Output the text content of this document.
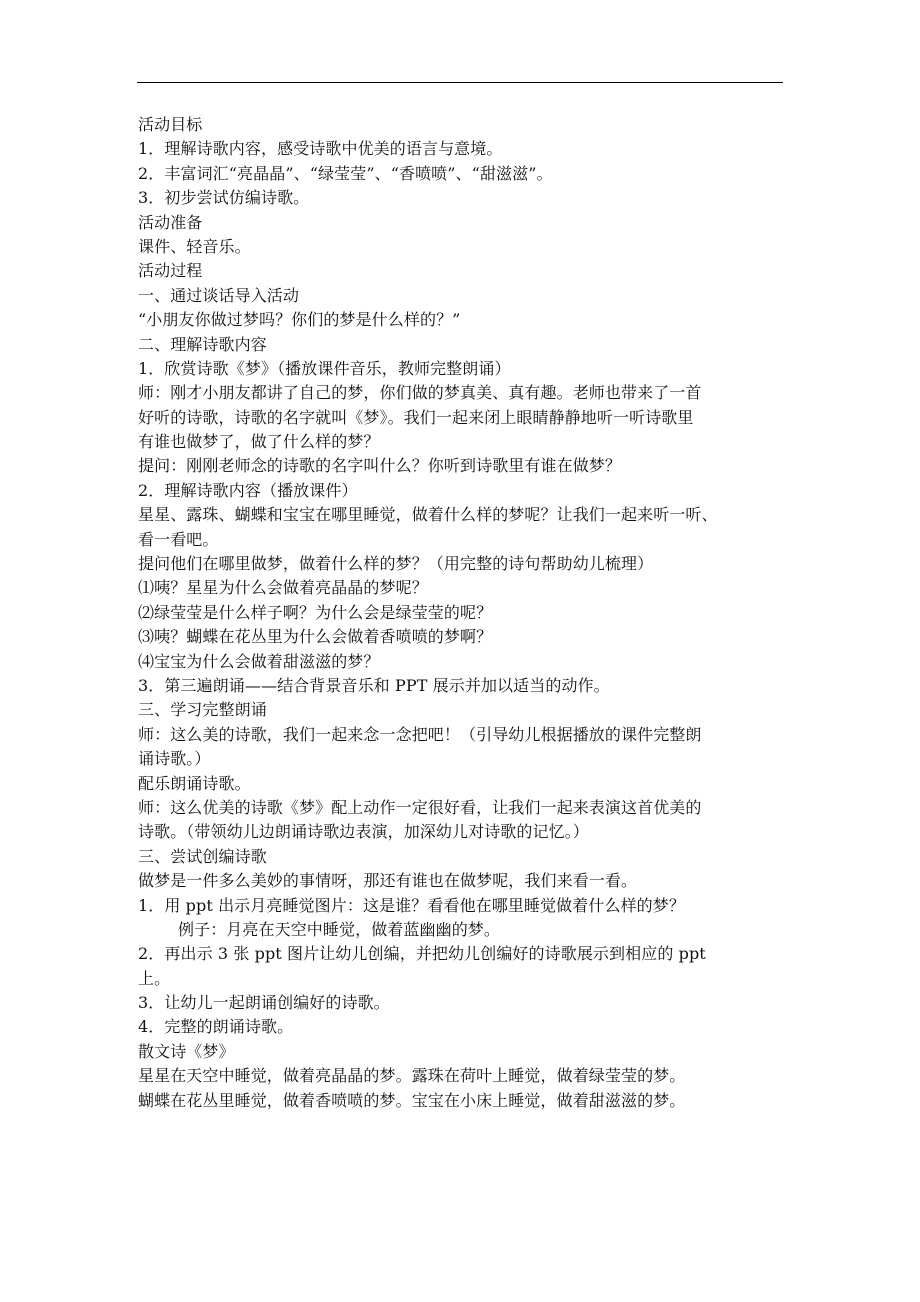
活动目标
1．理解诗歌内容，感受诗歌中优美的语言与意境。
2．丰富词汇“亮晶晶”、“绿莹莹”、“香喷喷”、“甜滋滋”。
3．初步尝试仿编诗歌。
活动准备
课件、轻音乐。
活动过程
一、通过谈话导入活动
“小朋友你做过梦吗？你们的梦是什么样的？”
二、理解诗歌内容
1．欣赏诗歌《梦》（播放课件音乐，教师完整朗诵）
师：刚才小朋友都讲了自己的梦，你们做的梦真美、真有趣。老师也带来了一首
好听的诗歌，诗歌的名字就叫《梦》。我们一起来闭上眼睛静静地听一听诗歌里
有谁也做梦了，做了什么样的梦？
提问：刚刚老师念的诗歌的名字叫什么？你听到诗歌里有谁在做梦？
2．理解诗歌内容（播放课件）
星星、露珠、蝴蝶和宝宝在哪里睡觉，做着什么样的梦呢？让我们一起来听一听、
看一看吧。
提问他们在哪里做梦，做着什么样的梦？（用完整的诗句帮助幼儿梳理）
⑴咦？星星为什么会做着亮晶晶的梦呢？
⑵绿莹莹是什么样子啊？为什么会是绿莹莹的呢？
⑶咦？蝴蝶在花丛里为什么会做着香喷喷的梦啊？
⑷宝宝为什么会做着甜滋滋的梦？
3．第三遍朗诵——结合背景音乐和 PPT 展示并加以适当的动作。
三、学习完整朗诵
师：这么美的诗歌，我们一起来念一念把吧！（引导幼儿根据播放的课件完整朗
诵诗歌。）
配乐朗诵诗歌。
师：这么优美的诗歌《梦》配上动作一定很好看，让我们一起来表演这首优美的
诗歌。（带领幼儿边朗诵诗歌边表演，加深幼儿对诗歌的记忆。）
三、尝试创编诗歌
做梦是一件多么美妙的事情呀，那还有谁也在做梦呢，我们来看一看。
1．用 ppt 出示月亮睡觉图片：这是谁？看看他在哪里睡觉做着什么样的梦？
例子：月亮在天空中睡觉，做着蓝幽幽的梦。
2．再出示 3 张 ppt 图片让幼儿创编，并把幼儿创编好的诗歌展示到相应的 ppt
上。
3．让幼儿一起朗诵创编好的诗歌。
4．完整的朗诵诗歌。
散文诗《梦》
星星在天空中睡觉，做着亮晶晶的梦。露珠在荷叶上睡觉，做着绿莹莹的梦。
蝴蝶在花丛里睡觉，做着香喷喷的梦。宝宝在小床上睡觉，做着甜滋滋的梦。
